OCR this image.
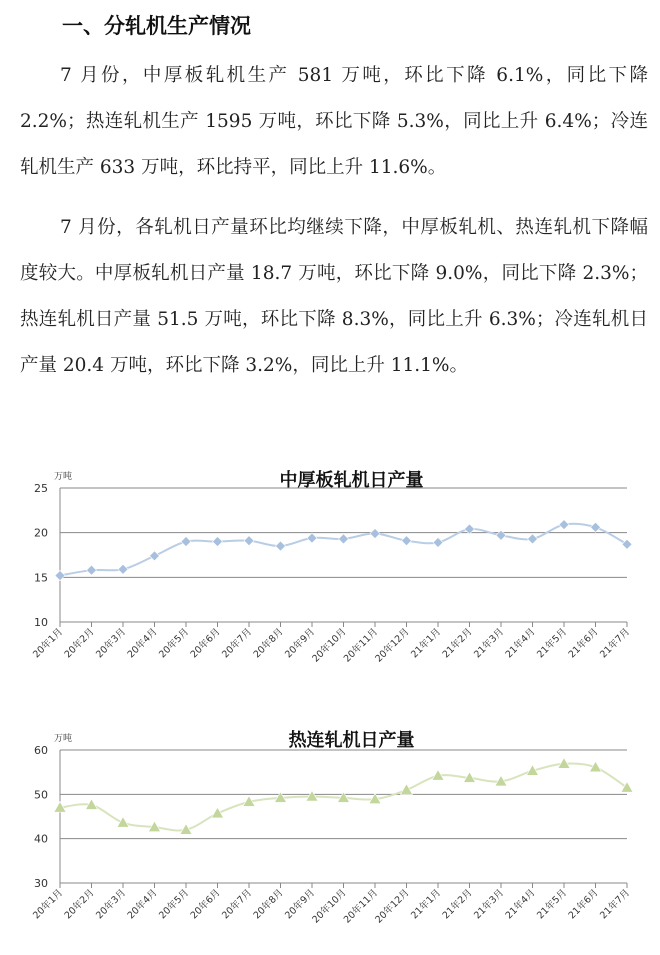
一、分轧机生产情况
7 月份，中厚板轧机生产 581 万吨，环比下降 6.1%，同比下降 2.2%；热连轧机生产 1595 万吨，环比下降 5.3%，同比上升 6.4%；冷连轧机生产 633 万吨，环比持平，同比上升 11.6%。
7 月份，各轧机日产量环比均继续下降，中厚板轧机、热连轧机下降幅度较大。中厚板轧机日产量 18.7 万吨，环比下降 9.0%，同比下降 2.3%；热连轧机日产量 51.5 万吨，环比下降 8.3%，同比上升 6.3%；冷连轧机日产量 20.4 万吨，环比下降 3.2%，同比上升 11.1%。
中厚板轧机日产量
万吨
10
15
20
25
20年1月
20年2月
20年3月
20年4月
20年5月
20年6月
20年7月
20年8月
20年9月
20年10月
20年11月
20年12月
21年1月
21年2月
21年3月
21年4月
21年5月
21年6月
21年7月
热连轧机日产量
万吨
30
40
50
60
20年1月
20年2月
20年3月
20年4月
20年5月
20年6月
20年7月
20年8月
20年9月
20年10月
20年11月
20年12月
21年1月
21年2月
21年3月
21年4月
21年5月
21年6月
21年7月
